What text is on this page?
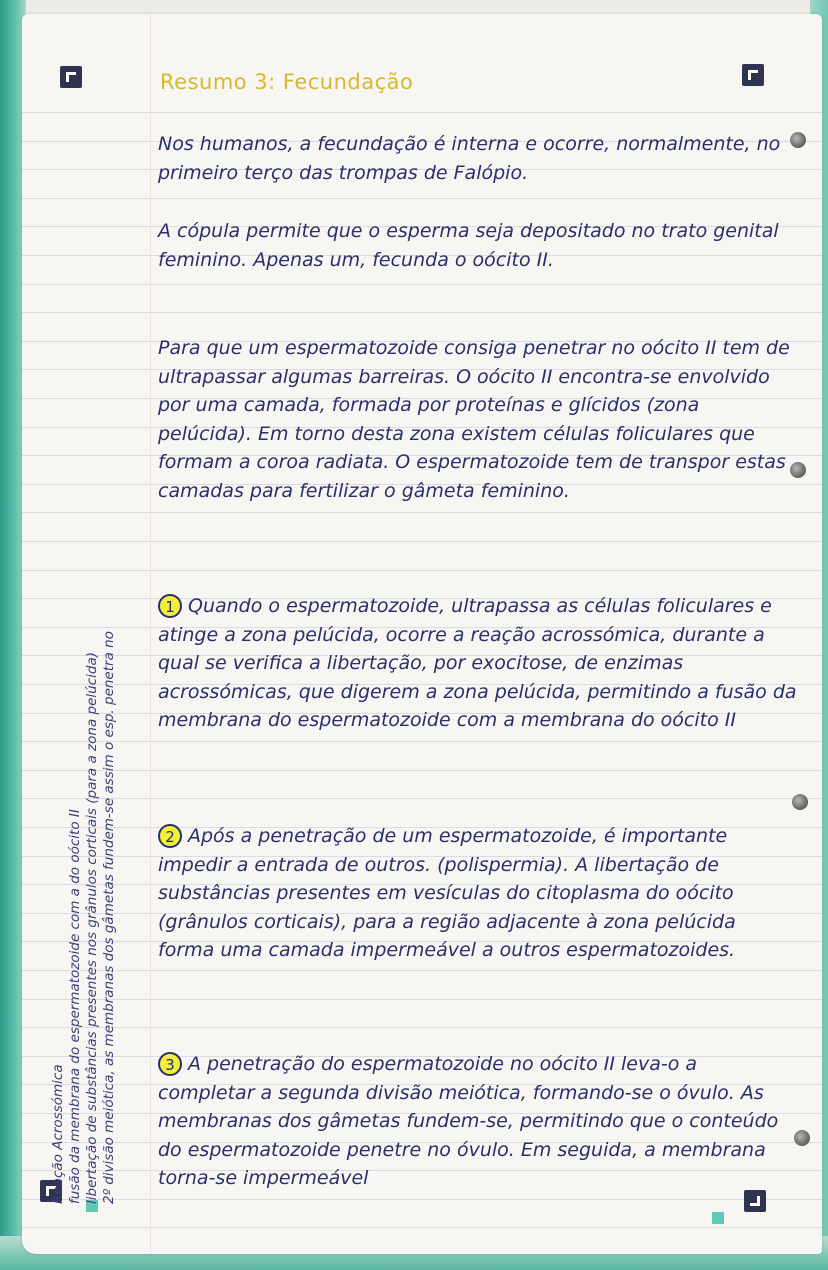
Resumo 3: Fecundação

Nos humanos, a fecundação é interna e ocorre, normalmente, no primeiro terço das trompas de Falópio.

A cópula permite que o esperma seja depositado no trato genital feminino. Apenas um, fecunda o oócito II.

Para que um espermatozoide consiga penetrar no oócito II tem de ultrapassar algumas barreiras. O oócito II encontra-se envolvido por uma camada, formada por proteínas e glícidos (zona pelúcida). Em torno desta zona existem células foliculares que formam a coroa radiata. O espermatozoide tem de transpor estas camadas para fertilizar o gâmeta feminino.

1 Quando o espermatozoide, ultrapassa as células foliculares e atinge a zona pelúcida, ocorre a reação acrossómica, durante a qual se verifica a libertação, por exocitose, de enzimas acrossómicas, que digerem a zona pelúcida, permitindo a fusão da membrana do espermatozoide com a membrana do oócito II

2 Após a penetração de um espermatozoide, é importante impedir a entrada de outros. (polispermia). A libertação de substâncias presentes em vesículas do citoplasma do oócito (grânulos corticais), para a região adjacente à zona pelúcida forma uma camada impermeável a outros espermatozoides.

3 A penetração do espermatozoide no oócito II leva-o a completar a segunda divisão meiótica, formando-se o óvulo. As membranas dos gâmetas fundem-se, permitindo que o conteúdo do espermatozoide penetre no óvulo. Em seguida, a membrana torna-se impermeável

Reação Acrossómica fusão da membrana do espermatozoide com a do oócito II libertação de substâncias presentes nos grânulos corticais (para a zona pelúcida) 2º divisão meiótica, as membranas dos gâmetas fundem-se assim o esp. penetra no
